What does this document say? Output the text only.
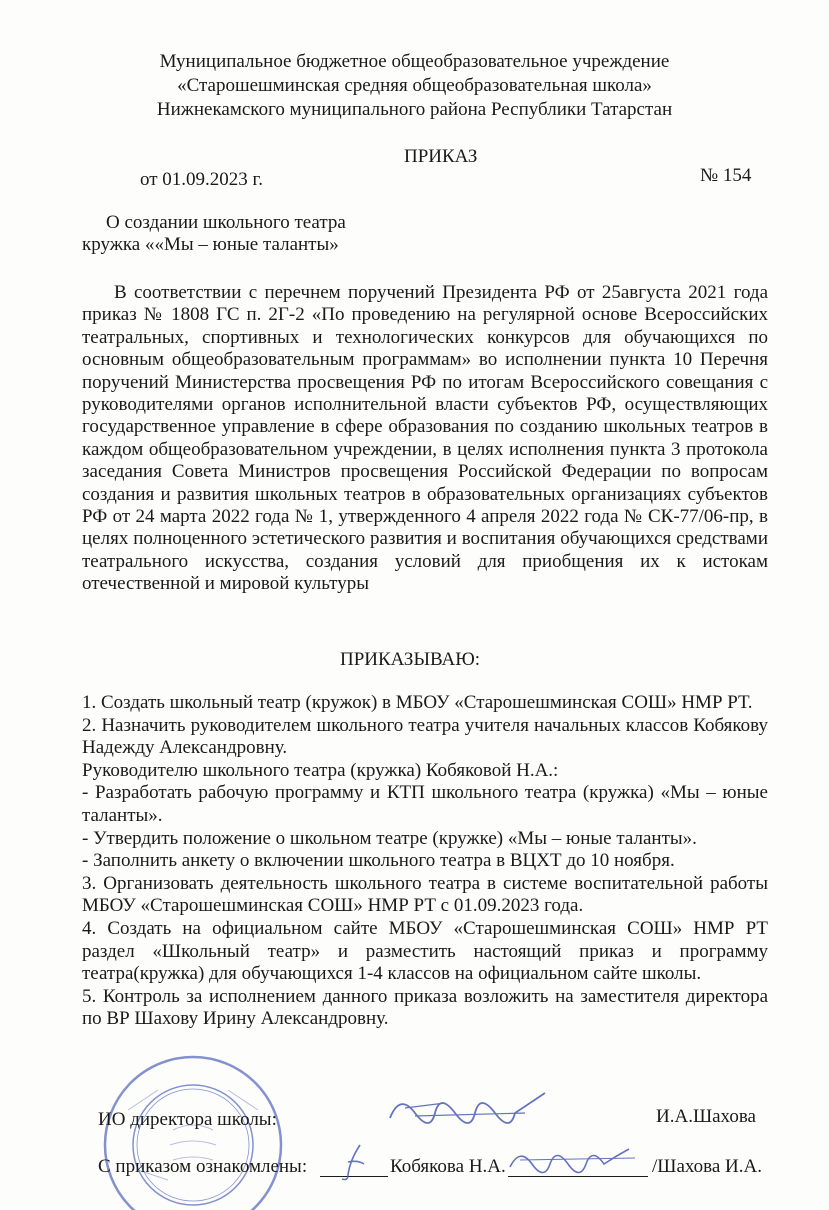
Муниципальное бюджетное общеобразовательное учреждение
«Старошешминская средняя общеобразовательная школа»
Нижнекамского муниципального района Республики Татарстан
ПРИКАЗ
от 01.09.2023 г.	№ 154
О создании школьного театра
кружка ««Мы – юные таланты»
В соответствии с перечнем поручений Президента РФ от 25августа 2021 года приказ № 1808 ГС п. 2Г-2 «По проведению на регулярной основе Всероссийских театральных, спортивных и технологических конкурсов для обучающихся по основным общеобразовательным программам» во исполнении пункта 10 Перечня поручений Министерства просвещения РФ по итогам Всероссийского совещания с руководителями органов исполнительной власти субъектов РФ, осуществляющих государственное управление в сфере образования по созданию школьных театров в каждом общеобразовательном учреждении, в целях исполнения пункта 3 протокола заседания Совета Министров просвещения Российской Федерации по вопросам создания и развития школьных театров в образовательных организациях субъектов РФ от 24 марта 2022 года № 1, утвержденного 4 апреля 2022 года № СК-77/06-пр, в целях полноценного эстетического развития и воспитания обучающихся средствами театрального искусства, создания условий для приобщения их к истокам отечественной и мировой культуры
ПРИКАЗЫВАЮ:

1. Создать школьный театр (кружок) в МБОУ «Старошешминская СОШ» НМР РТ.

2. Назначить руководителем школьного театра учителя начальных классов Кобякову Надежду Александровну.

Руководителю школьного театра (кружка) Кобяковой Н.А.:

- Разработать рабочую программу и КТП школьного театра (кружка) «Мы – юные таланты».

- Утвердить положение о школьном театре (кружке) «Мы – юные таланты».

- Заполнить анкету о включении школьного театра в ВЦХТ до 10 ноября.

3. Организовать деятельность школьного театра в системе воспитательной работы МБОУ «Старошешминская СОШ» НМР РТ с 01.09.2023 года.

4. Создать на официальном сайте МБОУ «Старошешминская СОШ» НМР РТ раздел «Школьный театр» и разместить настоящий приказ и программу театра(кружка) для обучающихся 1-4 классов на официальном сайте школы.

5. Контроль за исполнением данного приказа возложить на заместителя директора по ВР Шахову Ирину Александровну.

ИО директора школы:	И.А.Шахова
С приказом ознакомлены:	Кобякова Н.А.	/Шахова И.А.
